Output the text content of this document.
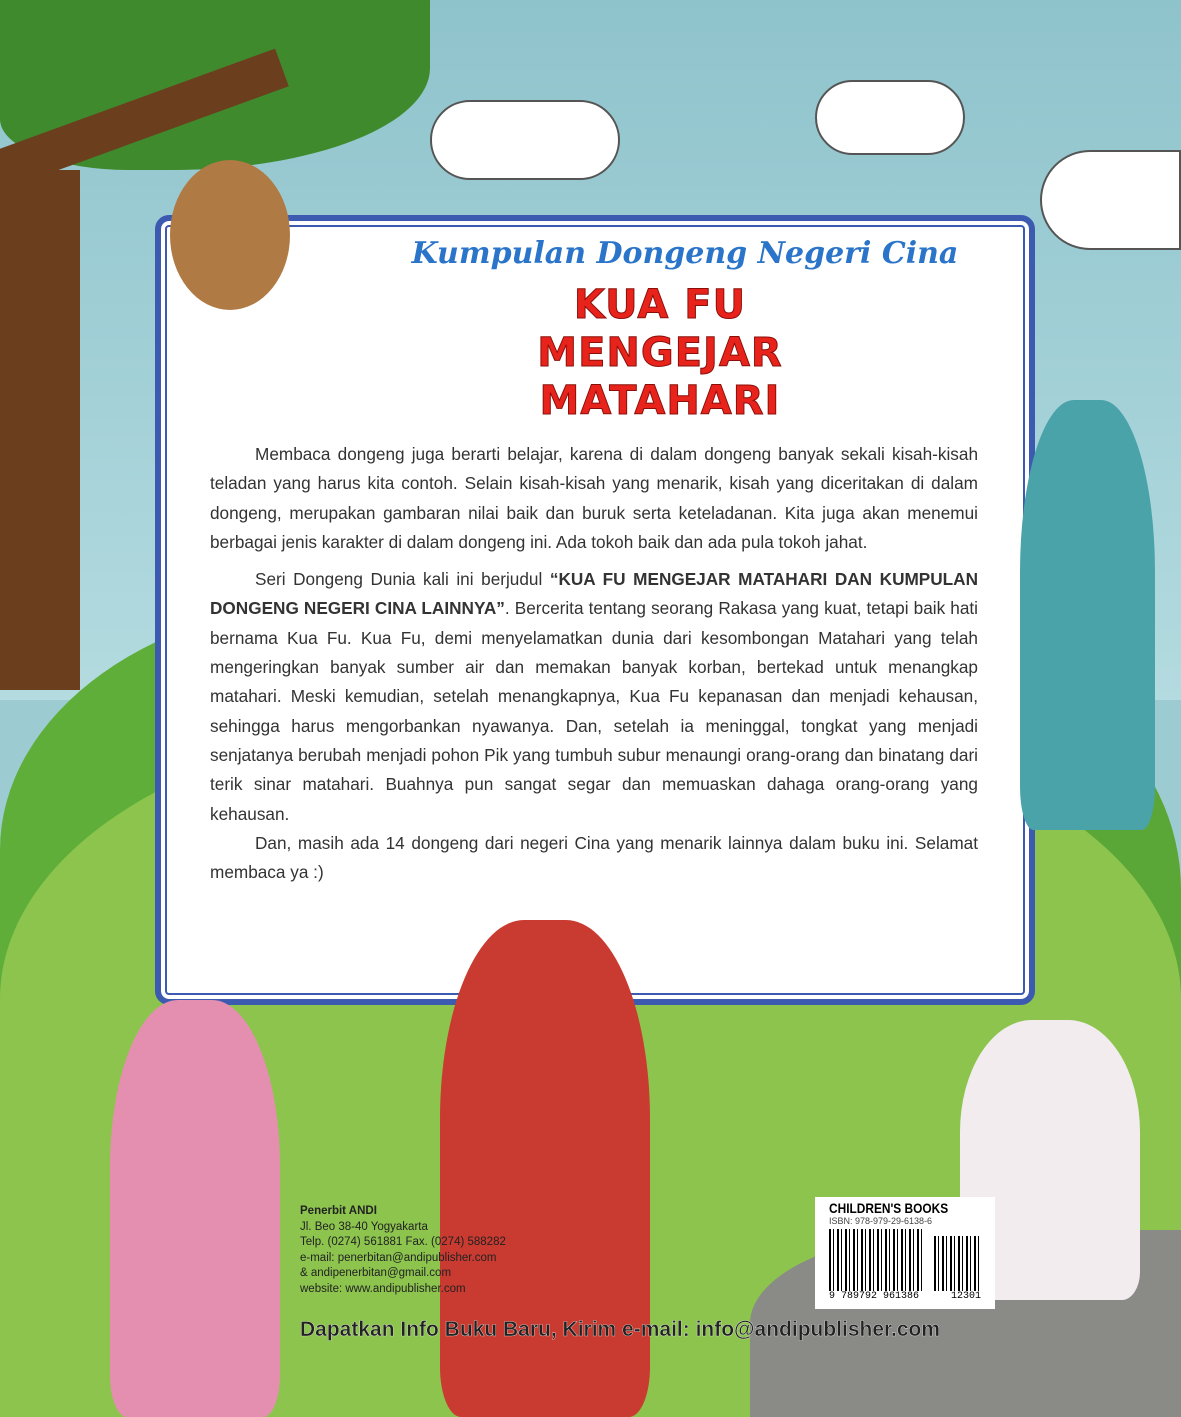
Kumpulan Dongeng Negeri Cina
KUA FU
MENGEJAR
MATAHARI

Membaca dongeng juga berarti belajar, karena di dalam dongeng banyak sekali kisah-kisah teladan yang harus kita contoh. Selain kisah-kisah yang menarik, kisah yang diceritakan di dalam dongeng, merupakan gambaran nilai baik dan buruk serta keteladanan. Kita juga akan menemui berbagai jenis karakter di dalam dongeng ini. Ada tokoh baik dan ada pula tokoh jahat.

Seri Dongeng Dunia kali ini berjudul “KUA FU MENGEJAR MATAHARI DAN KUMPULAN DONGENG NEGERI CINA LAINNYA”. Bercerita tentang seorang Rakasa yang kuat, tetapi baik hati bernama Kua Fu. Kua Fu, demi menyelamatkan dunia dari kesombongan Matahari yang telah mengeringkan banyak sumber air dan memakan banyak korban, bertekad untuk menangkap matahari. Meski kemudian, setelah menangkapnya, Kua Fu kepanasan dan menjadi kehausan, sehingga harus mengorbankan nyawanya. Dan, setelah ia meninggal, tongkat yang menjadi senjatanya berubah menjadi pohon Pik yang tumbuh subur menaungi orang-orang dan binatang dari terik sinar matahari. Buahnya pun sangat segar dan memuaskan dahaga orang-orang yang kehausan.

Dan, masih ada 14 dongeng dari negeri Cina yang menarik lainnya dalam buku ini. Selamat membaca ya :)

Penerbit ANDI
Jl. Beo 38-40 Yogyakarta
Telp. (0274) 561881 Fax. (0274) 588282
e-mail: penerbitan@andipublisher.com
& andipenerbitan@gmail.com
website: www.andipublisher.com
CHILDREN'S BOOKS
ISBN: 978-979-29-6138-6
9 789792 961386	12301
Dapatkan Info Buku Baru, Kirim e-mail: info@andipublisher.com
